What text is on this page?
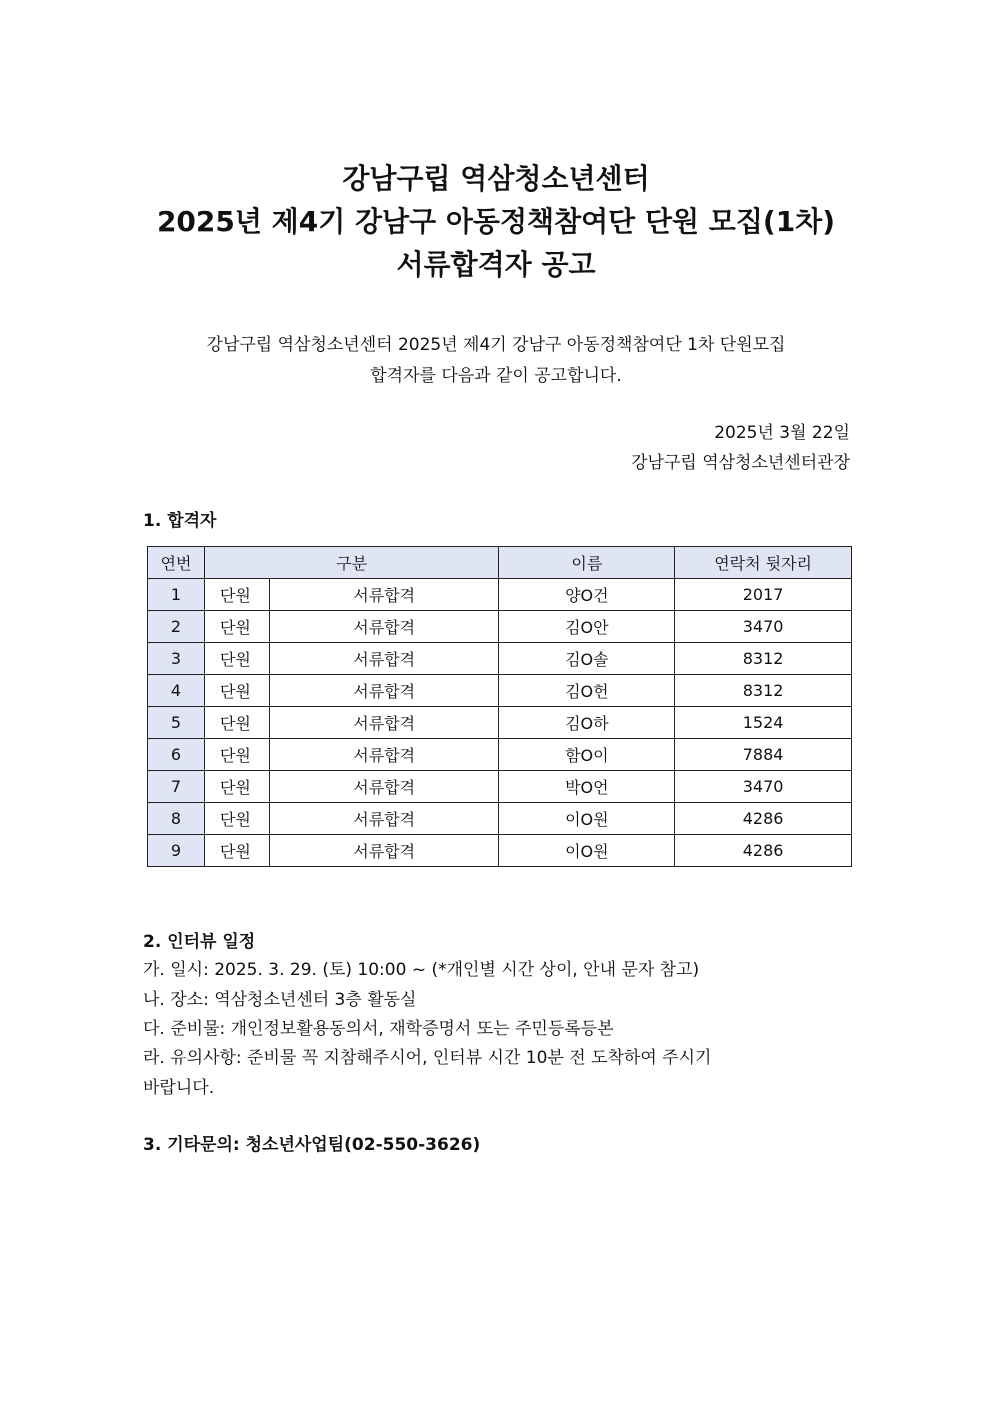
강남구립 역삼청소년센터
2025년 제4기 강남구 아동정책참여단 단원 모집(1차)
서류합격자 공고
강남구립 역삼청소년센터 2025년 제4기 강남구 아동정책참여단 1차 단원모집
합격자를 다음과 같이 공고합니다.
2025년 3월 22일
강남구립 역삼청소년센터관장
1. 합격자
연번	구분		이름	연락처 뒷자리
1	단원	서류합격	양O건	2017
2	단원	서류합격	김O안	3470
3	단원	서류합격	김O솔	8312
4	단원	서류합격	김O헌	8312
5	단원	서류합격	김O하	1524
6	단원	서류합격	함O이	7884
7	단원	서류합격	박O언	3470
8	단원	서류합격	이O원	4286
9	단원	서류합격	이O원	4286
2. 인터뷰 일정
가. 일시: 2025. 3. 29. (토) 10:00 ~ (*개인별 시간 상이, 안내 문자 참고)
나. 장소: 역삼청소년센터 3층 활동실
다. 준비물: 개인정보활용동의서, 재학증명서 또는 주민등록등본
라. 유의사항: 준비물 꼭 지참해주시어, 인터뷰 시간 10분 전 도착하여 주시기
바랍니다.
3. 기타문의: 청소년사업팀(02-550-3626)
